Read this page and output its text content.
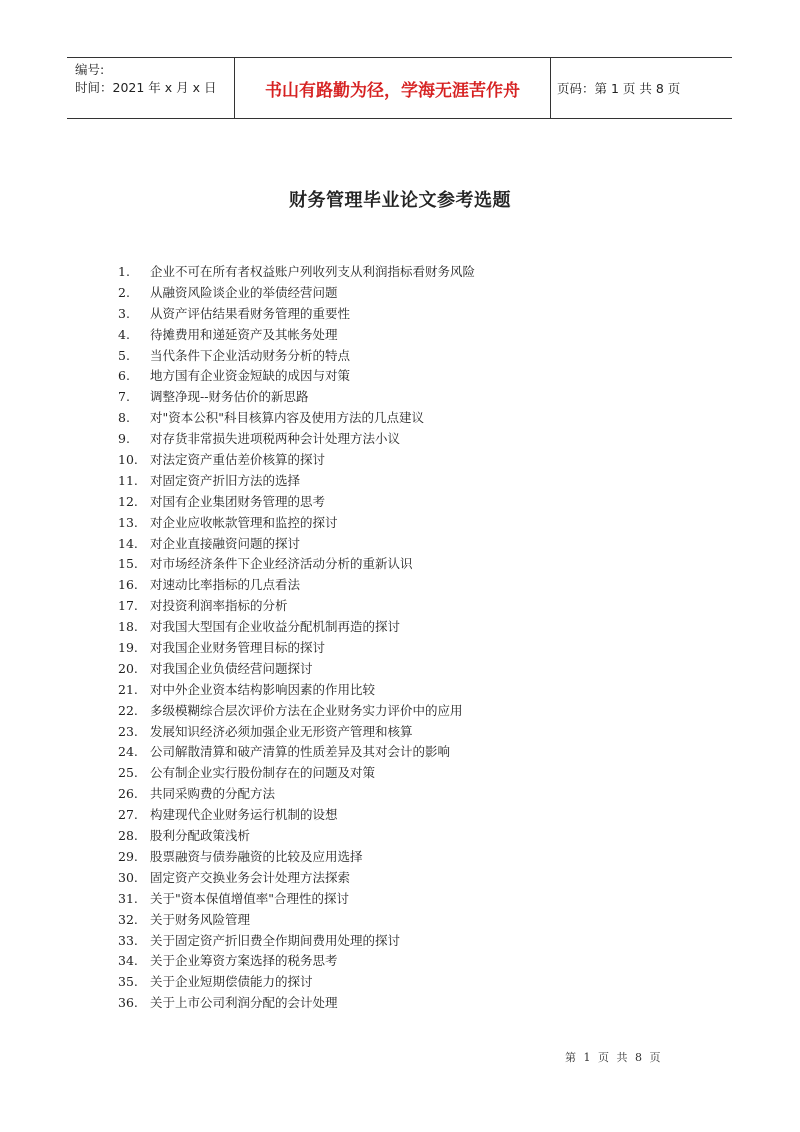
编号:
时间：2021 年 x 月 x 日	书山有路勤为径，学海无涯苦作舟	页码：第 1 页 共 8 页
财务管理毕业论文参考选题
1.	企业不可在所有者权益账户列收列支从利润指标看财务风险
2.	从融资风险谈企业的举债经营问题
3.	从资产评估结果看财务管理的重要性
4.	待摊费用和递延资产及其帐务处理
5.	当代条件下企业活动财务分析的特点
6.	地方国有企业资金短缺的成因与对策
7.	调整净现--财务估价的新思路
8.	对"资本公积"科目核算内容及使用方法的几点建议
9.	对存货非常损失进项税两种会计处理方法小议
10. 对法定资产重估差价核算的探讨
11. 对固定资产折旧方法的选择
12. 对国有企业集团财务管理的思考
13. 对企业应收帐款管理和监控的探讨
14. 对企业直接融资问题的探讨
15. 对市场经济条件下企业经济活动分析的重新认识
16. 对速动比率指标的几点看法
17. 对投资利润率指标的分析
18. 对我国大型国有企业收益分配机制再造的探讨
19. 对我国企业财务管理目标的探讨
20. 对我国企业负债经营问题探讨
21. 对中外企业资本结构影响因素的作用比较
22. 多级模糊综合层次评价方法在企业财务实力评价中的应用
23. 发展知识经济必须加强企业无形资产管理和核算
24. 公司解散清算和破产清算的性质差异及其对会计的影响
25. 公有制企业实行股份制存在的问题及对策
26. 共同采购费的分配方法
27. 构建现代企业财务运行机制的设想
28. 股利分配政策浅析
29. 股票融资与债券融资的比较及应用选择
30. 固定资产交换业务会计处理方法探索
31. 关于"资本保值增值率"合理性的探讨
32. 关于财务风险管理
33. 关于固定资产折旧费全作期间费用处理的探讨
34. 关于企业筹资方案选择的税务思考
35. 关于企业短期偿债能力的探讨
36. 关于上市公司利润分配的会计处理
第 1 页 共 8 页
